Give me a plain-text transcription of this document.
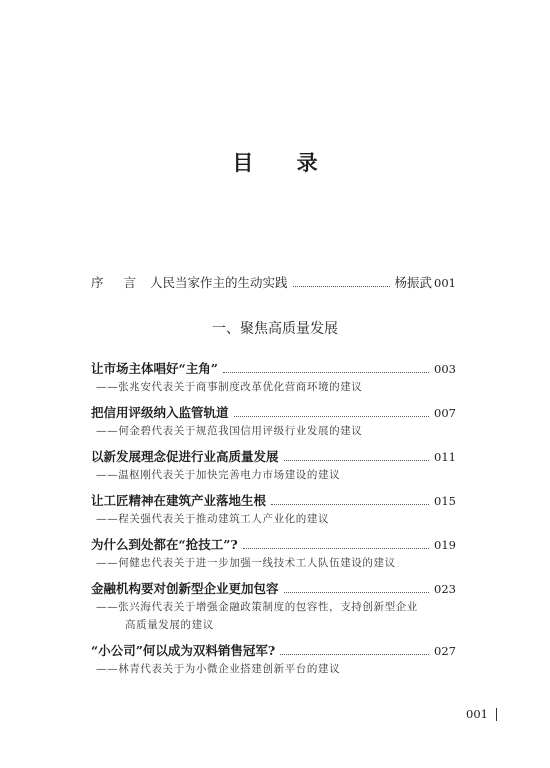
目 录
序 言 人民当家作主的生动实践	杨振武 001
一、聚焦高质量发展
让市场主体唱好“主角”	003
——张兆安代表关于商事制度改革优化营商环境的建议
把信用评级纳入监管轨道	007
——何金碧代表关于规范我国信用评级行业发展的建议
以新发展理念促进行业高质量发展	011
——温枢刚代表关于加快完善电力市场建设的建议
让工匠精神在建筑产业落地生根	015
——程关强代表关于推动建筑工人产业化的建议
为什么到处都在“抢技工”?	019
——何健忠代表关于进一步加强一线技术工人队伍建设的建议
金融机构要对创新型企业更加包容	023
——张兴海代表关于增强金融政策制度的包容性，支持创新型企业
高质量发展的建议
“小公司”何以成为双料销售冠军?	027
——林青代表关于为小微企业搭建创新平台的建议
001
